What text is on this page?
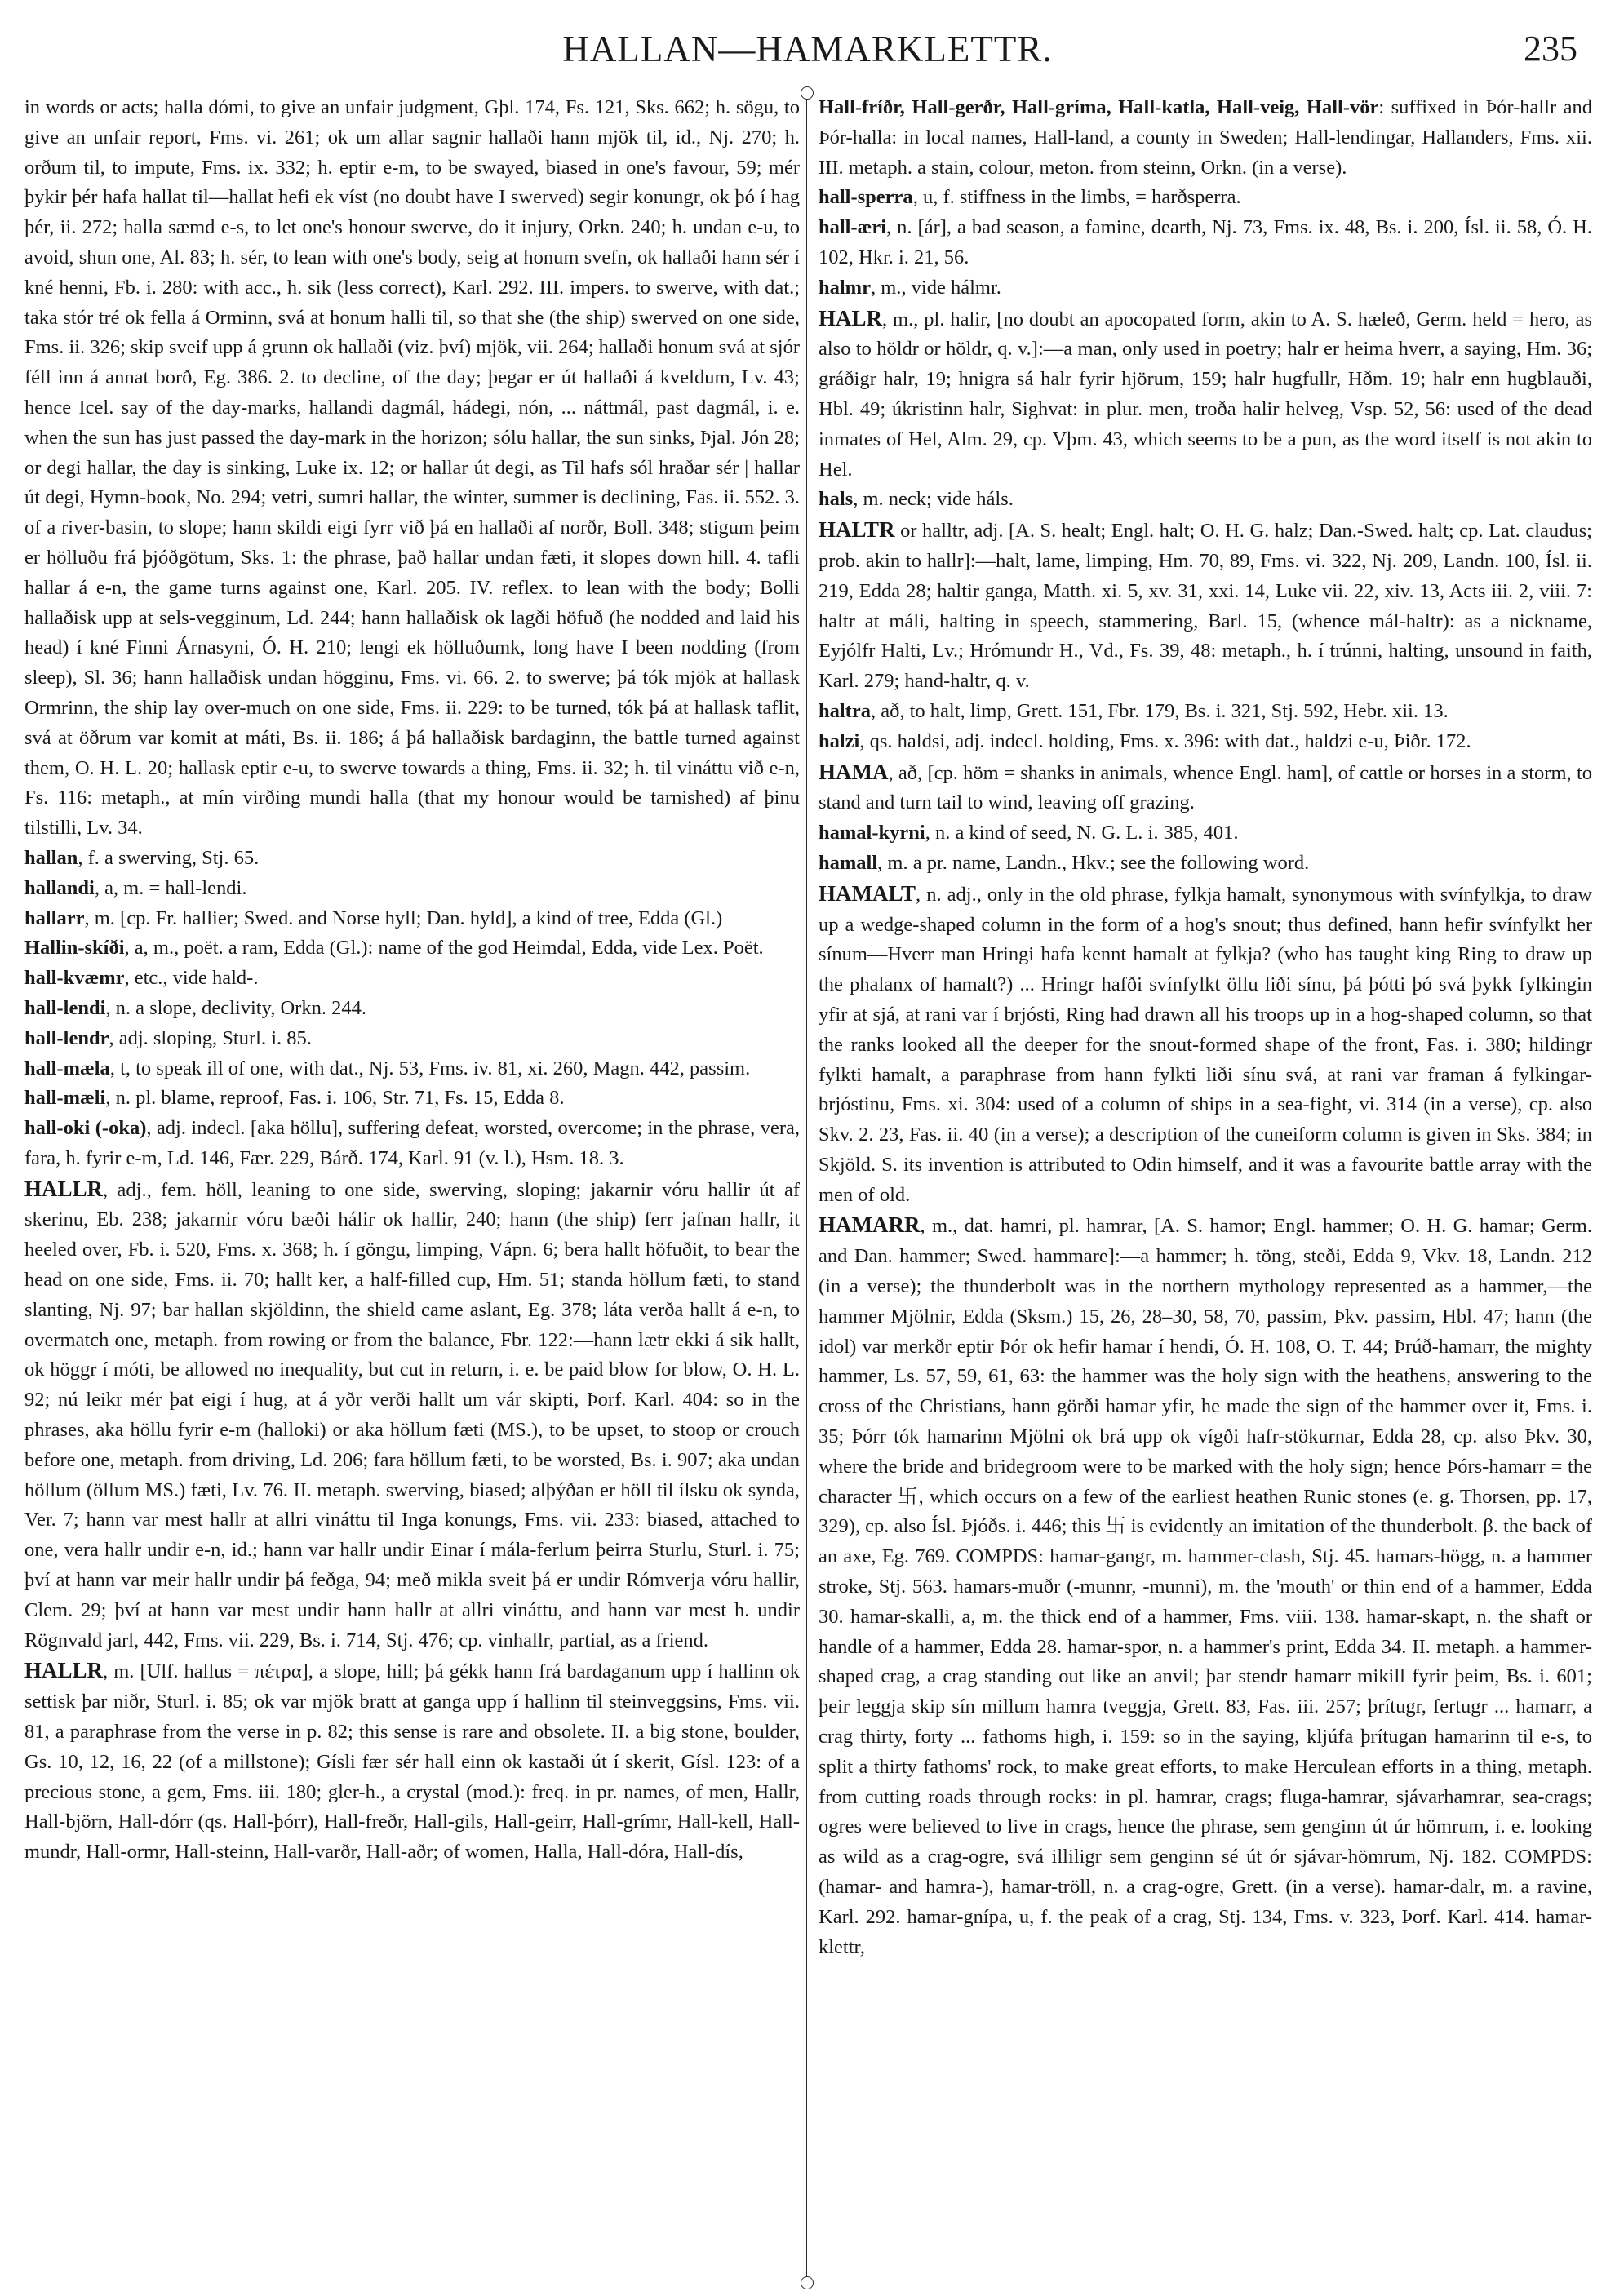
HALLAN—HAMARKLETTR.	235

in words or acts; halla dómi, to give an unfair judgment, Gþl. 174, Fs. 121, Sks. 662; h. sögu, to give an unfair report, Fms. vi. 261; ok um allar sagnir hallaði hann mjök til, id., Nj. 270; h. orðum til, to impute, Fms. ix. 332; h. eptir e-m, to be swayed, biased in one's favour, 59; mér þykir þér hafa hallat til—hallat hefi ek víst (no doubt have I swerved) segir konungr, ok þó í hag þér, ii. 272; halla sæmd e-s, to let one's honour swerve, do it injury, Orkn. 240; h. undan e-u, to avoid, shun one, Al. 83; h. sér, to lean with one's body, seig at honum svefn, ok hallaði hann sér í kné henni, Fb. i. 280: with acc., h. sik (less correct), Karl. 292. III. impers. to swerve, with dat.; taka stór tré ok fella á Orminn, svá at honum halli til, so that she (the ship) swerved on one side, Fms. ii. 326; skip sveif upp á grunn ok hallaði (viz. því) mjök, vii. 264; hallaði honum svá at sjór féll inn á annat borð, Eg. 386. 2. to decline, of the day; þegar er út hallaði á kveldum, Lv. 43; hence Icel. say of the day-marks, hallandi dagmál, hádegi, nón, ... náttmál, past dagmál, i. e. when the sun has just passed the day-mark in the horizon; sólu hallar, the sun sinks, Þjal. Jón 28; or degi hallar, the day is sinking, Luke ix. 12; or hallar út degi, as Til hafs sól hraðar sér | hallar út degi, Hymn-book, No. 294; vetri, sumri hallar, the winter, summer is declining, Fas. ii. 552. 3. of a river-basin, to slope; hann skildi eigi fyrr við þá en hallaði af norðr, Boll. 348; stigum þeim er hölluðu frá þjóðgötum, Sks. 1: the phrase, það hallar undan fæti, it slopes down hill. 4. tafli hallar á e-n, the game turns against one, Karl. 205. IV. reflex. to lean with the body; Bolli hallaðisk upp at sels-vegginum, Ld. 244; hann hallaðisk ok lagði höfuð (he nodded and laid his head) í kné Finni Árnasyni, Ó. H. 210; lengi ek hölluðumk, long have I been nodding (from sleep), Sl. 36; hann hallaðisk undan högginu, Fms. vi. 66. 2. to swerve; þá tók mjök at hallask Ormrinn, the ship lay over-much on one side, Fms. ii. 229: to be turned, tók þá at hallask taflit, svá at öðrum var komit at máti, Bs. ii. 186; á þá hallaðisk bardaginn, the battle turned against them, O. H. L. 20; hallask eptir e-u, to swerve towards a thing, Fms. ii. 32; h. til vináttu við e-n, Fs. 116: metaph., at mín virðing mundi halla (that my honour would be tarnished) af þinu tilstilli, Lv. 34.

hallan, f. a swerving, Stj. 65.

hallandi, a, m. = hall-lendi.

hallarr, m. [cp. Fr. hallier; Swed. and Norse hyll; Dan. hyld], a kind of tree, Edda (Gl.)

Hallin-skíði, a, m., poët. a ram, Edda (Gl.): name of the god Heimdal, Edda, vide Lex. Poët.

hall-kvæmr, etc., vide hald-.

hall-lendi, n. a slope, declivity, Orkn. 244.

hall-lendr, adj. sloping, Sturl. i. 85.

hall-mæla, t, to speak ill of one, with dat., Nj. 53, Fms. iv. 81, xi. 260, Magn. 442, passim.

hall-mæli, n. pl. blame, reproof, Fas. i. 106, Str. 71, Fs. 15, Edda 8.

hall-oki (-oka), adj. indecl. [aka höllu], suffering defeat, worsted, overcome; in the phrase, vera, fara, h. fyrir e-m, Ld. 146, Fær. 229, Bárð. 174, Karl. 91 (v. l.), Hsm. 18. 3.

HALLR, adj., fem. höll, leaning to one side, swerving, sloping; jakarnir vóru hallir út af skerinu, Eb. 238; jakarnir vóru bæði hálir ok hallir, 240; hann (the ship) ferr jafnan hallr, it heeled over, Fb. i. 520, Fms. x. 368; h. í göngu, limping, Vápn. 6; bera hallt höfuðit, to bear the head on one side, Fms. ii. 70; hallt ker, a half-filled cup, Hm. 51; standa höllum fæti, to stand slanting, Nj. 97; bar hallan skjöldinn, the shield came aslant, Eg. 378; láta verða hallt á e-n, to overmatch one, metaph. from rowing or from the balance, Fbr. 122:—hann lætr ekki á sik hallt, ok höggr í móti, be allowed no inequality, but cut in return, i. e. be paid blow for blow, O. H. L. 92; nú leikr mér þat eigi í hug, at á yðr verði hallt um vár skipti, Þorf. Karl. 404: so in the phrases, aka höllu fyrir e-m (halloki) or aka höllum fæti (MS.), to be upset, to stoop or crouch before one, metaph. from driving, Ld. 206; fara höllum fæti, to be worsted, Bs. i. 907; aka undan höllum (öllum MS.) fæti, Lv. 76. II. metaph. swerving, biased; alþýðan er höll til ílsku ok synda, Ver. 7; hann var mest hallr at allri vináttu til Inga konungs, Fms. vii. 233: biased, attached to one, vera hallr undir e-n, id.; hann var hallr undir Einar í mála-ferlum þeirra Sturlu, Sturl. i. 75; því at hann var meir hallr undir þá feðga, 94; með mikla sveit þá er undir Rómverja vóru hallir, Clem. 29; því at hann var mest undir hann hallr at allri vináttu, and hann var mest h. undir Rögnvald jarl, 442, Fms. vii. 229, Bs. i. 714, Stj. 476; cp. vinhallr, partial, as a friend.

HALLR, m. [Ulf. hallus = πέτρα], a slope, hill; þá gékk hann frá bardaganum upp í hallinn ok settisk þar niðr, Sturl. i. 85; ok var mjök bratt at ganga upp í hallinn til steinveggsins, Fms. vii. 81, a paraphrase from the verse in p. 82; this sense is rare and obsolete. II. a big stone, boulder, Gs. 10, 12, 16, 22 (of a millstone); Gísli fær sér hall einn ok kastaði út í skerit, Gísl. 123: of a precious stone, a gem, Fms. iii. 180; gler-h., a crystal (mod.): freq. in pr. names, of men, Hallr, Hall-björn, Hall-dórr (qs. Hall-þórr), Hall-freðr, Hall-gils, Hall-geirr, Hall-grímr, Hall-kell, Hall-mundr, Hall-ormr, Hall-steinn, Hall-varðr, Hall-aðr; of women, Halla, Hall-dóra, Hall-dís,

Hall-fríðr, Hall-gerðr, Hall-gríma, Hall-katla, Hall-veig, Hall-vör: suffixed in Þór-hallr and Þór-halla: in local names, Hall-land, a county in Sweden; Hall-lendingar, Hallanders, Fms. xii. III. metaph. a stain, colour, meton. from steinn, Orkn. (in a verse).

hall-sperra, u, f. stiffness in the limbs, = harðsperra.

hall-æri, n. [ár], a bad season, a famine, dearth, Nj. 73, Fms. ix. 48, Bs. i. 200, Ísl. ii. 58, Ó. H. 102, Hkr. i. 21, 56.

halmr, m., vide hálmr.

HALR, m., pl. halir, [no doubt an apocopated form, akin to A. S. hæleð, Germ. held = hero, as also to höldr or höldr, q. v.]:—a man, only used in poetry; halr er heima hverr, a saying, Hm. 36; gráðigr halr, 19; hnigra sá halr fyrir hjörum, 159; halr hugfullr, Hðm. 19; halr enn hugblauði, Hbl. 49; úkristinn halr, Sighvat: in plur. men, troða halir helveg, Vsp. 52, 56: used of the dead inmates of Hel, Alm. 29, cp. Vþm. 43, which seems to be a pun, as the word itself is not akin to Hel.

hals, m. neck; vide háls.

HALTR or halltr, adj. [A. S. healt; Engl. halt; O. H. G. halz; Dan.-Swed. halt; cp. Lat. claudus; prob. akin to hallr]:—halt, lame, limping, Hm. 70, 89, Fms. vi. 322, Nj. 209, Landn. 100, Ísl. ii. 219, Edda 28; haltir ganga, Matth. xi. 5, xv. 31, xxi. 14, Luke vii. 22, xiv. 13, Acts iii. 2, viii. 7: haltr at máli, halting in speech, stammering, Barl. 15, (whence mál-haltr): as a nickname, Eyjólfr Halti, Lv.; Hrómundr H., Vd., Fs. 39, 48: metaph., h. í trúnni, halting, unsound in faith, Karl. 279; hand-haltr, q. v.

haltra, að, to halt, limp, Grett. 151, Fbr. 179, Bs. i. 321, Stj. 592, Hebr. xii. 13.

halzi, qs. haldsi, adj. indecl. holding, Fms. x. 396: with dat., haldzi e-u, Þiðr. 172.

HAMA, að, [cp. höm = shanks in animals, whence Engl. ham], of cattle or horses in a storm, to stand and turn tail to wind, leaving off grazing.

hamal-kyrni, n. a kind of seed, N. G. L. i. 385, 401.

hamall, m. a pr. name, Landn., Hkv.; see the following word.

HAMALT, n. adj., only in the old phrase, fylkja hamalt, synonymous with svínfylkja, to draw up a wedge-shaped column in the form of a hog's snout; thus defined, hann hefir svínfylkt her sínum—Hverr man Hringi hafa kennt hamalt at fylkja? (who has taught king Ring to draw up the phalanx of hamalt?) ... Hringr hafði svínfylkt öllu liði sínu, þá þótti þó svá þykk fylkingin yfir at sjá, at rani var í brjósti, Ring had drawn all his troops up in a hog-shaped column, so that the ranks looked all the deeper for the snout-formed shape of the front, Fas. i. 380; hildingr fylkti hamalt, a paraphrase from hann fylkti liði sínu svá, at rani var framan á fylkingar-brjóstinu, Fms. xi. 304: used of a column of ships in a sea-fight, vi. 314 (in a verse), cp. also Skv. 2. 23, Fas. ii. 40 (in a verse); a description of the cuneiform column is given in Sks. 384; in Skjöld. S. its invention is attributed to Odin himself, and it was a favourite battle array with the men of old.

HAMARR, m., dat. hamri, pl. hamrar, [A. S. hamor; Engl. hammer; O. H. G. hamar; Germ. and Dan. hammer; Swed. hammare]:—a hammer; h. töng, steði, Edda 9, Vkv. 18, Landn. 212 (in a verse); the thunderbolt was in the northern mythology represented as a hammer,—the hammer Mjölnir, Edda (Sksm.) 15, 26, 28–30, 58, 70, passim, Þkv. passim, Hbl. 47; hann (the idol) var merkðr eptir Þór ok hefir hamar í hendi, Ó. H. 108, O. T. 44; Þrúð-hamarr, the mighty hammer, Ls. 57, 59, 61, 63: the hammer was the holy sign with the heathens, answering to the cross of the Christians, hann görði hamar yfir, he made the sign of the hammer over it, Fms. i. 35; Þórr tók hamarinn Mjölni ok brá upp ok vígði hafr-stökurnar, Edda 28, cp. also Þkv. 30, where the bride and bridegroom were to be marked with the holy sign; hence Þórs-hamarr = the character 卐, which occurs on a few of the earliest heathen Runic stones (e. g. Thorsen, pp. 17, 329), cp. also Ísl. Þjóðs. i. 446; this 卐 is evidently an imitation of the thunderbolt. β. the back of an axe, Eg. 769. COMPDS: hamar-gangr, m. hammer-clash, Stj. 45. hamars-högg, n. a hammer stroke, Stj. 563. hamars-muðr (-munnr, -munni), m. the 'mouth' or thin end of a hammer, Edda 30. hamar-skalli, a, m. the thick end of a hammer, Fms. viii. 138. hamar-skapt, n. the shaft or handle of a hammer, Edda 28. hamar-spor, n. a hammer's print, Edda 34. II. metaph. a hammer-shaped crag, a crag standing out like an anvil; þar stendr hamarr mikill fyrir þeim, Bs. i. 601; þeir leggja skip sín millum hamra tveggja, Grett. 83, Fas. iii. 257; þrítugr, fertugr ... hamarr, a crag thirty, forty ... fathoms high, i. 159: so in the saying, kljúfa þrítugan hamarinn til e-s, to split a thirty fathoms' rock, to make great efforts, to make Herculean efforts in a thing, metaph. from cutting roads through rocks: in pl. hamrar, crags; fluga-hamrar, sjávarhamrar, sea-crags; ogres were believed to live in crags, hence the phrase, sem genginn út úr hömrum, i. e. looking as wild as a crag-ogre, svá illiligr sem genginn sé út ór sjávar-hömrum, Nj. 182. COMPDS: (hamar- and hamra-), hamar-tröll, n. a crag-ogre, Grett. (in a verse). hamar-dalr, m. a ravine, Karl. 292. hamar-gnípa, u, f. the peak of a crag, Stj. 134, Fms. v. 323, Þorf. Karl. 414. hamar-klettr,
